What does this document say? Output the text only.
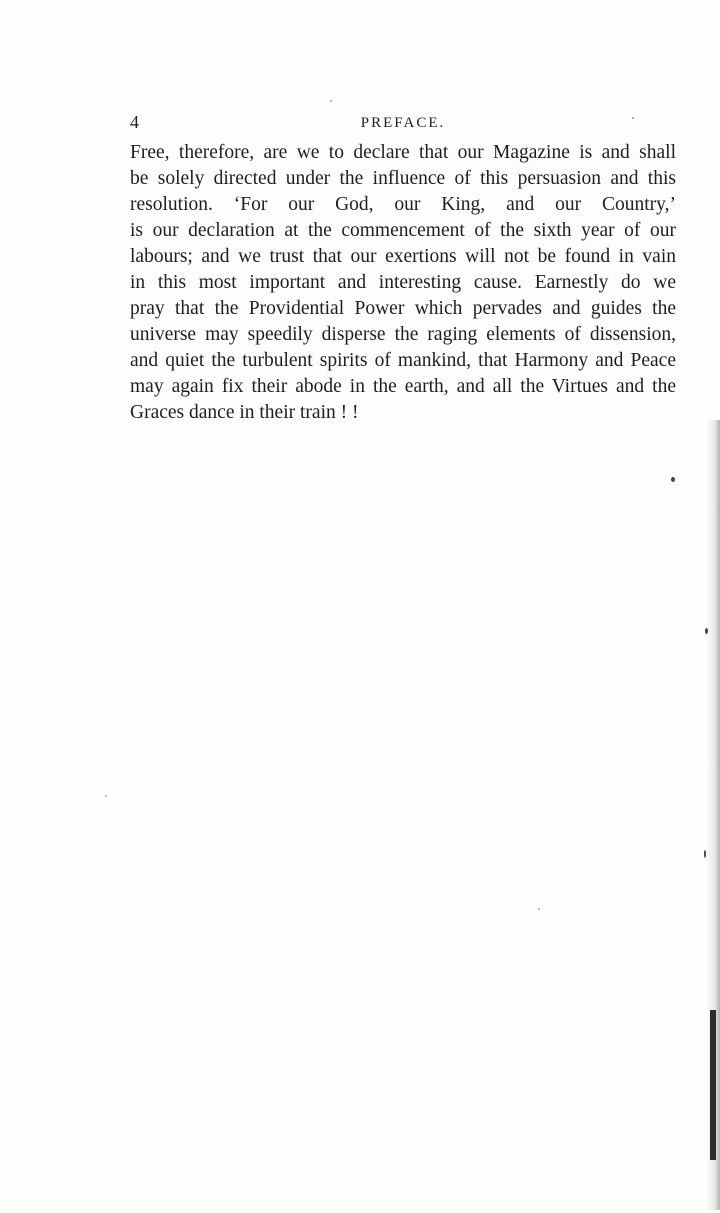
4	PREFACE.
Free, therefore, are we to declare that our Magazine is and shall
be solely directed under the influence of this persuasion and this
resolution. ‘For our God, our King, and our Country,’
is our declaration at the commencement of the sixth year of our
labours; and we trust that our exertions will not be found in vain
in this most important and interesting cause. Earnestly do we
pray that the Providential Power which pervades and guides the
universe may speedily disperse the raging elements of dissension,
and quiet the turbulent spirits of mankind, that Harmony and Peace
may again fix their abode in the earth, and all the Virtues and the
Graces dance in their train ! !
